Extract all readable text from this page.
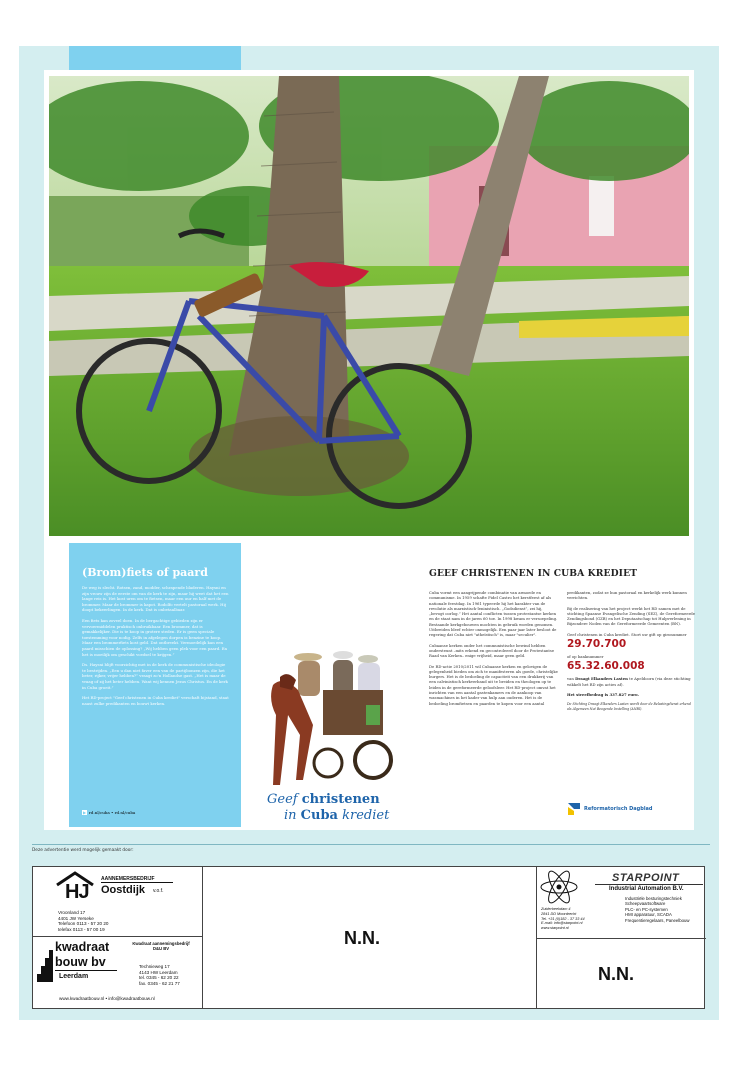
(Brom)fiets of paard

De weg is slecht. Rotsen, zand, modder, schrapende bladeren. Haysni en zijn vrouw zijn de eerste om van de kerk te zijn, maar hij weet dat het een lange reis is. Het kost uren om te fietsen, maar een uur en half met de brommer. Maar de brommer is kapot. Rodolfo vertelt pastoraal werk. Hij doopt bekeerlingen. In de kerk. Dat is onbetaalbaar.

Een fiets kan zoveel doen. In de bergachtige gebieden zijn er vervoermiddelen praktisch onbruikbaar. Een brommer, dat is gemakkelijker. Die is te koop in grotere steden. Er is geen speciale toestemming voor nodig. Zelfs in afgelegen dorpen is benzine te koop. Maar een brommerfiets kost geld. Dat ontbreekt. Vermoedelijk kan een paard misschien de oplossing? „Wij hebben geen plek voor een paard. En het is moeilijk om geschikt voedsel te krijgen.”

Ds. Haysni blijft voorzichtig met in de kerk de communistische ideologie te bestrijden. „Een u dan niet faver een van de partijbonzen zijn, die het beter, rijker, vrijer hebben?” vraagt zo'n Hollandse gast. „Het is maar de vraag of zij het beter hebben. Want wij kennen Jezus Christus. En de kerk in Cuba groeit.”

Het RD-project "Geef christenen in Cuba krediet" verschaft bijstand, staat naast zulke predikanten en bouwt kerken.

▶ rd.nl/cuba • rd.nl/cuba
Geef christenen
in Cuba krediet
GEEF CHRISTENEN IN CUBA KREDIET

Cuba vormt een aangrijpende combinatie van armoede en communisme. In 1959 schafte Fidel Castro het kerstfeest af als nationale feestdag. In 1961 typeerde hij het karakter van de revolutie als marxistisch-leninistisch. „Godsdienst”, zei hij, „bevogt oorlog.” Het aantal conflicten tussen protestantse kerken en de staat nam in de jaren 60 toe. In 1998 kwam er versoepeling. Bestaande kerkgebouwen mochten in gebruik worden genomen. Uitbreiden bleef echter onmogelijk. Een paar jaar later besloot de regering dat Cuba niet "atheïstisch" is, maar "seculier".

Cubaanse kerken onder het communistische bewind hebben ondersteunt –mits erkend en gecontroleerd door de Protestantse Raad van Kerken– enige vrijheid, maar geen geld.

De RD-actie 2010/2011 wil Cubaanse kerken en gelovigen de gelegenheid bieden om zich te manifesteren als goede, christelijke burgers. Het is de bedoeling de capaciteit van een drukkerij van een calvinistisch kerkverband uit te breiden en theologen op te leiden in de gereformeerde geloofsleer. Het RD-project omvat het inrichten van een aantal gastenkamers en de aankoop van wasmachines in het kader van hulp aan ouderen. Het is de bedoeling bromfietsen en paarden te kopen voor een aantal

predikanten, zodat ze hun pastoraal en kerkelijk werk kunnen verrichten.

Bij de realisering van het project werkt het RD samen met de stichting Spaanse Evangelische Zending (SEZ), de Gereformeerde Zendingsbond (GZB) en het Deputaatschap tot Hulpverlening in Bijzondere Noden van de Gereformeerde Gemeenten (BN).

Geef christenen in Cuba krediet. Stort uw gift op gironummer

29.70.700

of op banknummer

65.32.60.008

van Draagt Elkanders Lasten te Apeldoorn (via deze stichting wikkelt het RD zijn acties af).

Het streefbedrag is 337.827 euro.

De Stichting Draagt Elkanders Lasten wordt door de Belastingdienst erkend als Algemeen Nut Beogende Instelling (ANBI).

Reformatorisch Dagblad
Deze advertentie werd mogelijk gemaakt door:
HJ
AANNEMERSBEDRIJF
Oostdijk v.o.f.
Vroonland 17
4401 JW Yerseke
Telefoon 0113 - 57 20 20
telefax 0113 - 57 00 19
kwadraat
bouw bv
Leerdam
Kwadraat aannemingsbedrijf
D&U BV
Technieweg 17
4143 HW Leerdam
tel. 0345 - 62 20 22
fax. 0345 - 62 21 77
www.kwadraatbouw.nl • info@kwadraatbouw.nl
N.N.
STARPOINT
Industrial Automation B.V.
Industriële besturingstechniek
Scheepvaartsoftware
PLC- en PC-systemen
HMI apparatuur, SCADA
Frequentieregelaars, Paneelbouw
Zuiderbeekdam 4
2841 DD Moordrecht
Tel. +31 (0)182 - 37 33 44
E-mail: info@starpoint.nl
www.starpoint.nl
N.N.
